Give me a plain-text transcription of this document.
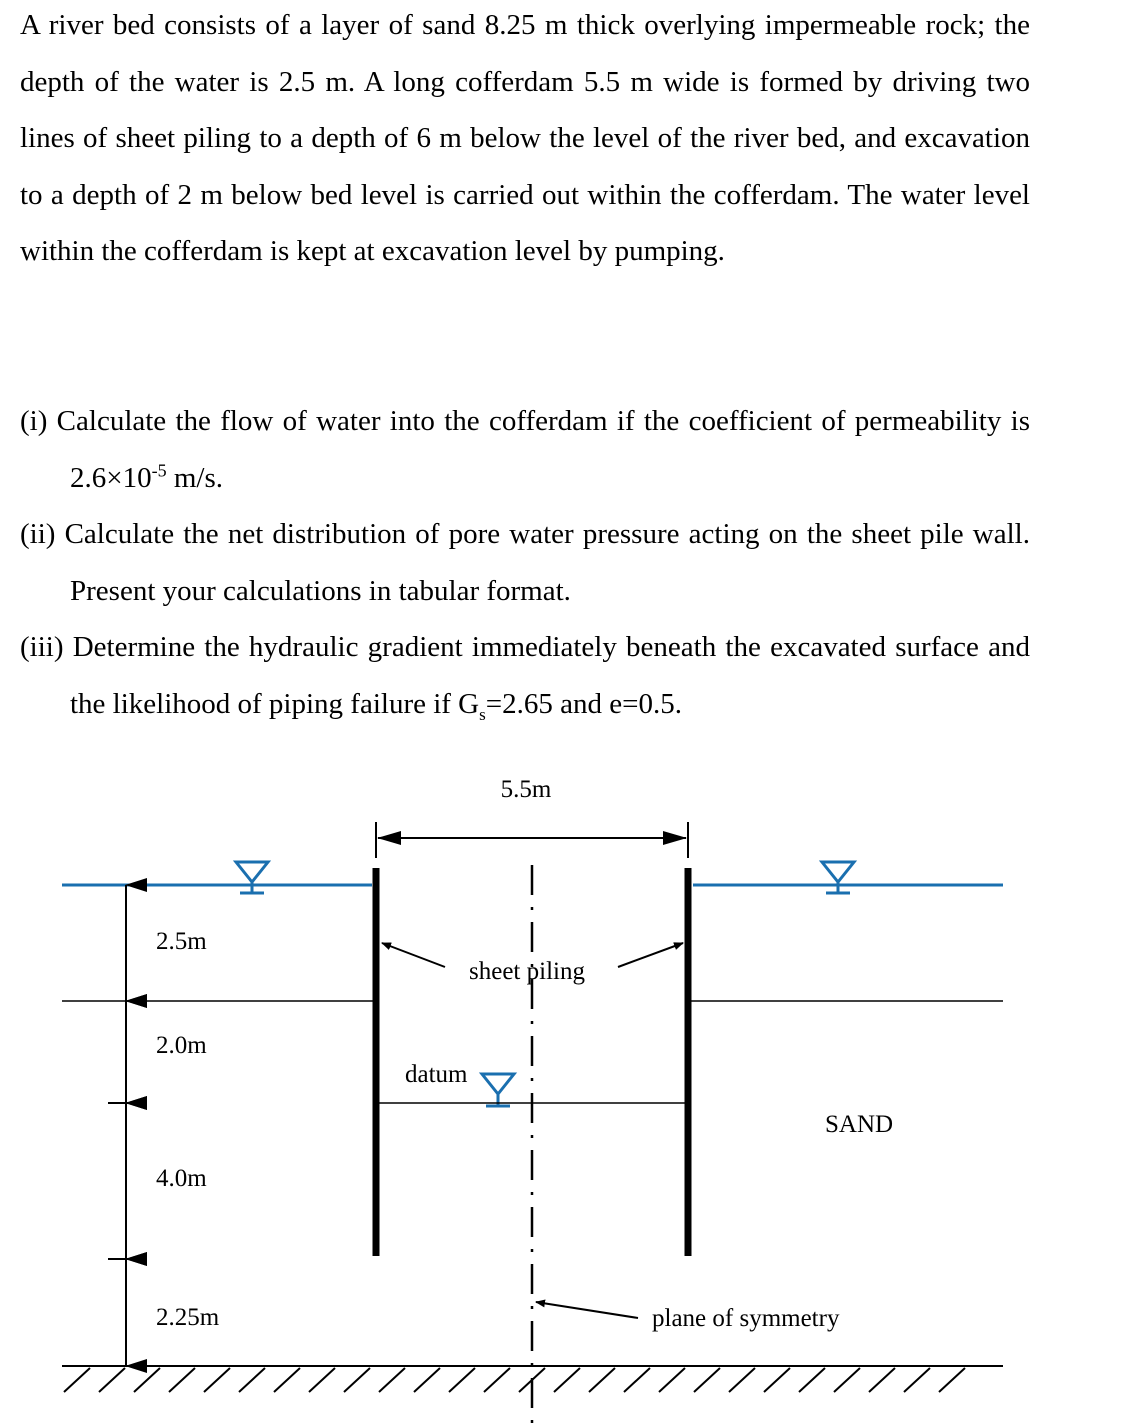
A river bed consists of a layer of sand 8.25 m thick overlying impermeable rock; the depth of the water is 2.5 m. A long cofferdam 5.5 m wide is formed by driving two lines of sheet piling to a depth of 6 m below the level of the river bed, and excavation to a depth of 2 m below bed level is carried out within the cofferdam. The water level within the cofferdam is kept at excavation level by pumping.

(i) Calculate the flow of water into the cofferdam if the coefficient of permeability is $2.6\times 10^{-5}$ m/s.
(ii) Calculate the net distribution of pore water pressure acting on the sheet pile wall. Present your calculations in tabular format.
(iii) Determine the hydraulic gradient immediately beneath the excavated surface and the likelihood of piping failure if $G_s=2.65$ and e=0.5.
5.5m
2.5m
2.0m
4.0m
2.25m
sheet piling
datum
SAND
plane of symmetry
